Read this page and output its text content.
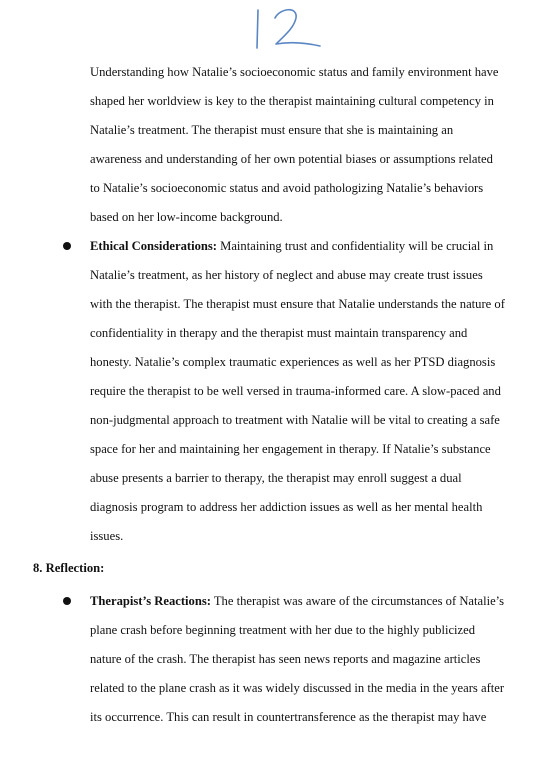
Understanding how Natalie’s socioeconomic status and family environment have
shaped her worldview is key to the therapist maintaining cultural competency in
Natalie’s treatment. The therapist must ensure that she is maintaining an
awareness and understanding of her own potential biases or assumptions related
to Natalie’s socioeconomic status and avoid pathologizing Natalie’s behaviors
based on her low-income background.
Ethical Considerations: Maintaining trust and confidentiality will be crucial in
Natalie’s treatment, as her history of neglect and abuse may create trust issues
with the therapist. The therapist must ensure that Natalie understands the nature of
confidentiality in therapy and the therapist must maintain transparency and
honesty. Natalie’s complex traumatic experiences as well as her PTSD diagnosis
require the therapist to be well versed in trauma-informed care. A slow-paced and
non-judgmental approach to treatment with Natalie will be vital to creating a safe
space for her and maintaining her engagement in therapy. If Natalie’s substance
abuse presents a barrier to therapy, the therapist may enroll suggest a dual
diagnosis program to address her addiction issues as well as her mental health
issues.
8. Reflection:
Therapist’s Reactions: The therapist was aware of the circumstances of Natalie’s
plane crash before beginning treatment with her due to the highly publicized
nature of the crash. The therapist has seen news reports and magazine articles
related to the plane crash as it was widely discussed in the media in the years after
its occurrence. This can result in countertransference as the therapist may have
